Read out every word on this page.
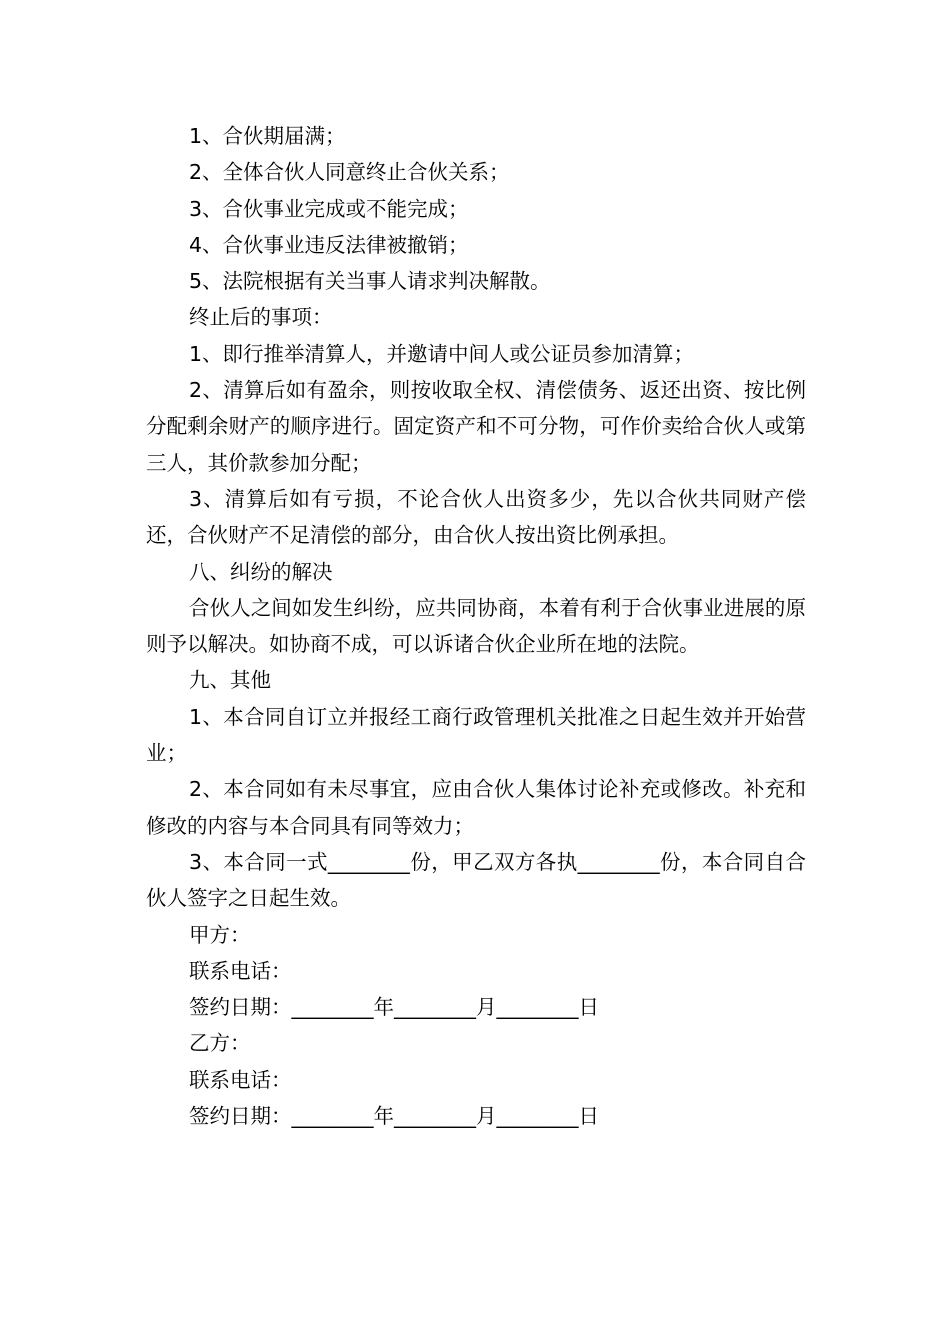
1、合伙期届满；

2、全体合伙人同意终止合伙关系；

3、合伙事业完成或不能完成；

4、合伙事业违反法律被撤销；

5、法院根据有关当事人请求判决解散。

终止后的事项：

1、即行推举清算人，并邀请中间人或公证员参加清算；

2、清算后如有盈余，则按收取全权、清偿债务、返还出资、按比例分配剩余财产的顺序进行。固定资产和不可分物，可作价卖给合伙人或第三人，其价款参加分配；

3、清算后如有亏损，不论合伙人出资多少，先以合伙共同财产偿还，合伙财产不足清偿的部分，由合伙人按出资比例承担。

八、纠纷的解决

合伙人之间如发生纠纷，应共同协商，本着有利于合伙事业进展的原则予以解决。如协商不成，可以诉诸合伙企业所在地的法院。

九、其他

1、本合同自订立并报经工商行政管理机关批准之日起生效并开始营业；

2、本合同如有未尽事宜，应由合伙人集体讨论补充或修改。补充和修改的内容与本合同具有同等效力；

3、本合同一式________份，甲乙双方各执________份，本合同自合伙人签字之日起生效。

甲方：

联系电话：

签约日期：________年________月________日

乙方：

联系电话：

签约日期：________年________月________日
